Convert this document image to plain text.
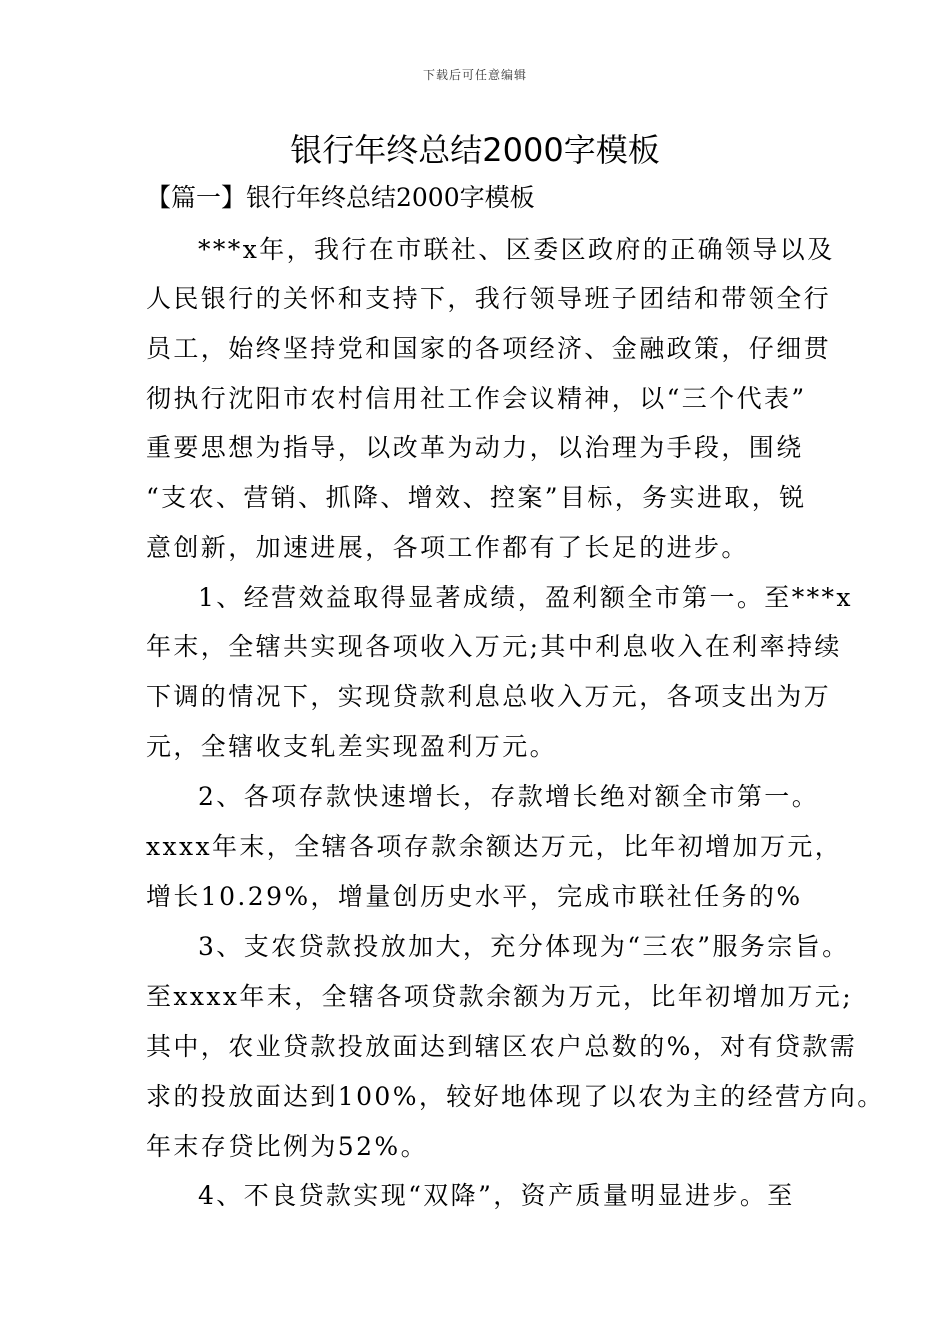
下载后可任意编辑
银行年终总结2000字模板
【篇一】银行年终总结2000字模板
***x年，我行在市联社、区委区政府的正确领导以及
人民银行的关怀和支持下，我行领导班子团结和带领全行
员工，始终坚持党和国家的各项经济、金融政策，仔细贯
彻执行沈阳市农村信用社工作会议精神，以“三个代表”
重要思想为指导，以改革为动力，以治理为手段，围绕
“支农、营销、抓降、增效、控案”目标，务实进取，锐
意创新，加速进展，各项工作都有了长足的进步。
1、经营效益取得显著成绩，盈利额全市第一。至***x
年末，全辖共实现各项收入万元;其中利息收入在利率持续
下调的情况下，实现贷款利息总收入万元，各项支出为万
元，全辖收支轧差实现盈利万元。
2、各项存款快速增长，存款增长绝对额全市第一。
xxxx年末，全辖各项存款余额达万元，比年初增加万元，
增长10.29%，增量创历史水平，完成市联社任务的%
3、支农贷款投放加大，充分体现为“三农”服务宗旨。
至xxxx年末，全辖各项贷款余额为万元，比年初增加万元;
其中，农业贷款投放面达到辖区农户总数的%，对有贷款需
求的投放面达到100%，较好地体现了以农为主的经营方向。
年末存贷比例为52%。
4、不良贷款实现“双降”，资产质量明显进步。至
